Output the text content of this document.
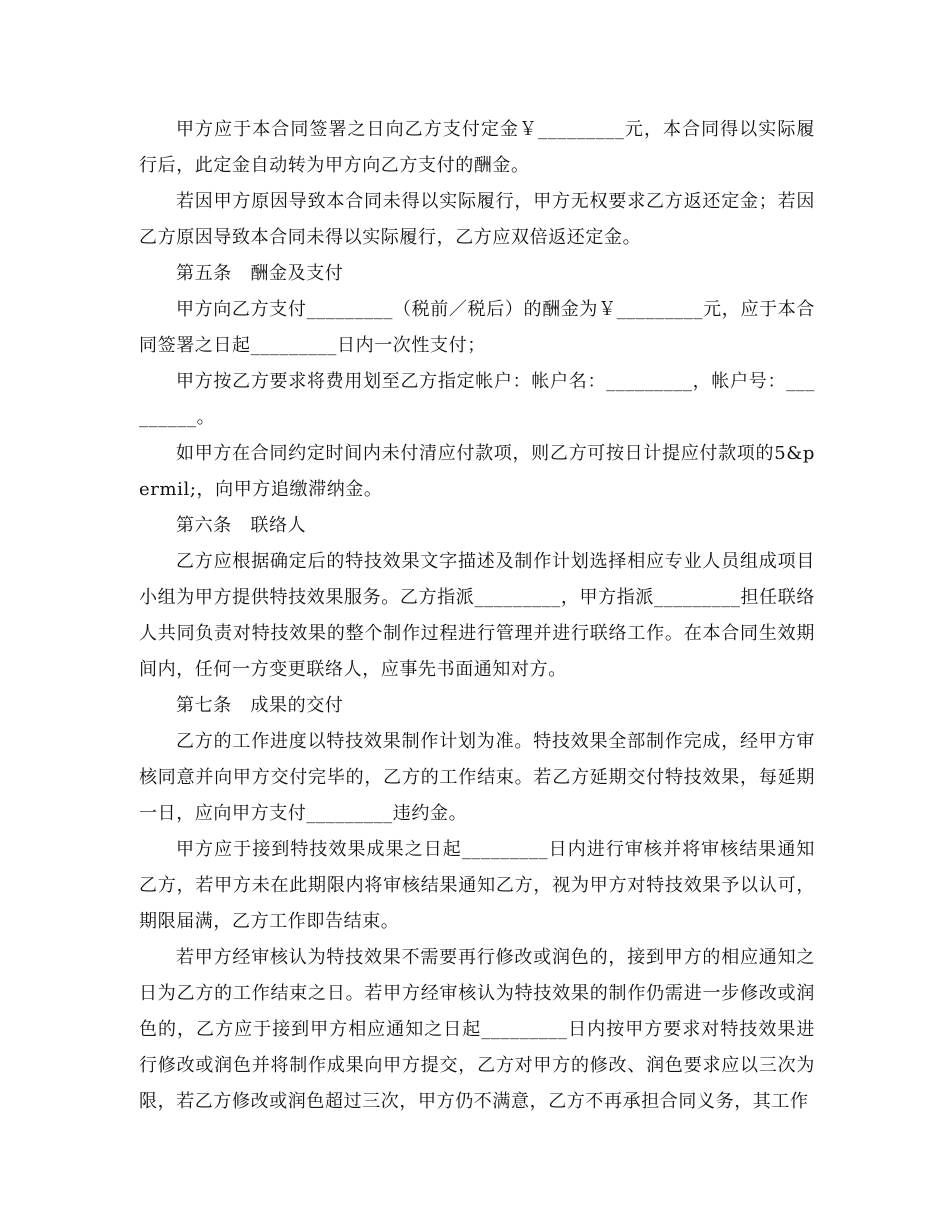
甲方应于本合同签署之日向乙方支付定金￥_________元，本合同得以实际履行后，此定金自动转为甲方向乙方支付的酬金。

若因甲方原因导致本合同未得以实际履行，甲方无权要求乙方返还定金；若因乙方原因导致本合同未得以实际履行，乙方应双倍返还定金。

第五条　酬金及支付

甲方向乙方支付_________（税前／税后）的酬金为￥_________元，应于本合同签署之日起_________日内一次性支付；

甲方按乙方要求将费用划至乙方指定帐户：帐户名：_________，帐户号：_________。

如甲方在合同约定时间内未付清应付款项，则乙方可按日计提应付款项的5&permil;，向甲方追缴滞纳金。

第六条　联络人

乙方应根据确定后的特技效果文字描述及制作计划选择相应专业人员组成项目小组为甲方提供特技效果服务。乙方指派_________，甲方指派_________担任联络人共同负责对特技效果的整个制作过程进行管理并进行联络工作。在本合同生效期间内，任何一方变更联络人，应事先书面通知对方。

第七条　成果的交付

乙方的工作进度以特技效果制作计划为准。特技效果全部制作完成，经甲方审核同意并向甲方交付完毕的，乙方的工作结束。若乙方延期交付特技效果，每延期一日，应向甲方支付_________违约金。

甲方应于接到特技效果成果之日起_________日内进行审核并将审核结果通知乙方，若甲方未在此期限内将审核结果通知乙方，视为甲方对特技效果予以认可，期限届满，乙方工作即告结束。

若甲方经审核认为特技效果不需要再行修改或润色的，接到甲方的相应通知之日为乙方的工作结束之日。若甲方经审核认为特技效果的制作仍需进一步修改或润色的，乙方应于接到甲方相应通知之日起_________日内按甲方要求对特技效果进行修改或润色并将制作成果向甲方提交，乙方对甲方的修改、润色要求应以三次为限，若乙方修改或润色超过三次，甲方仍不满意，乙方不再承担合同义务，其工作
